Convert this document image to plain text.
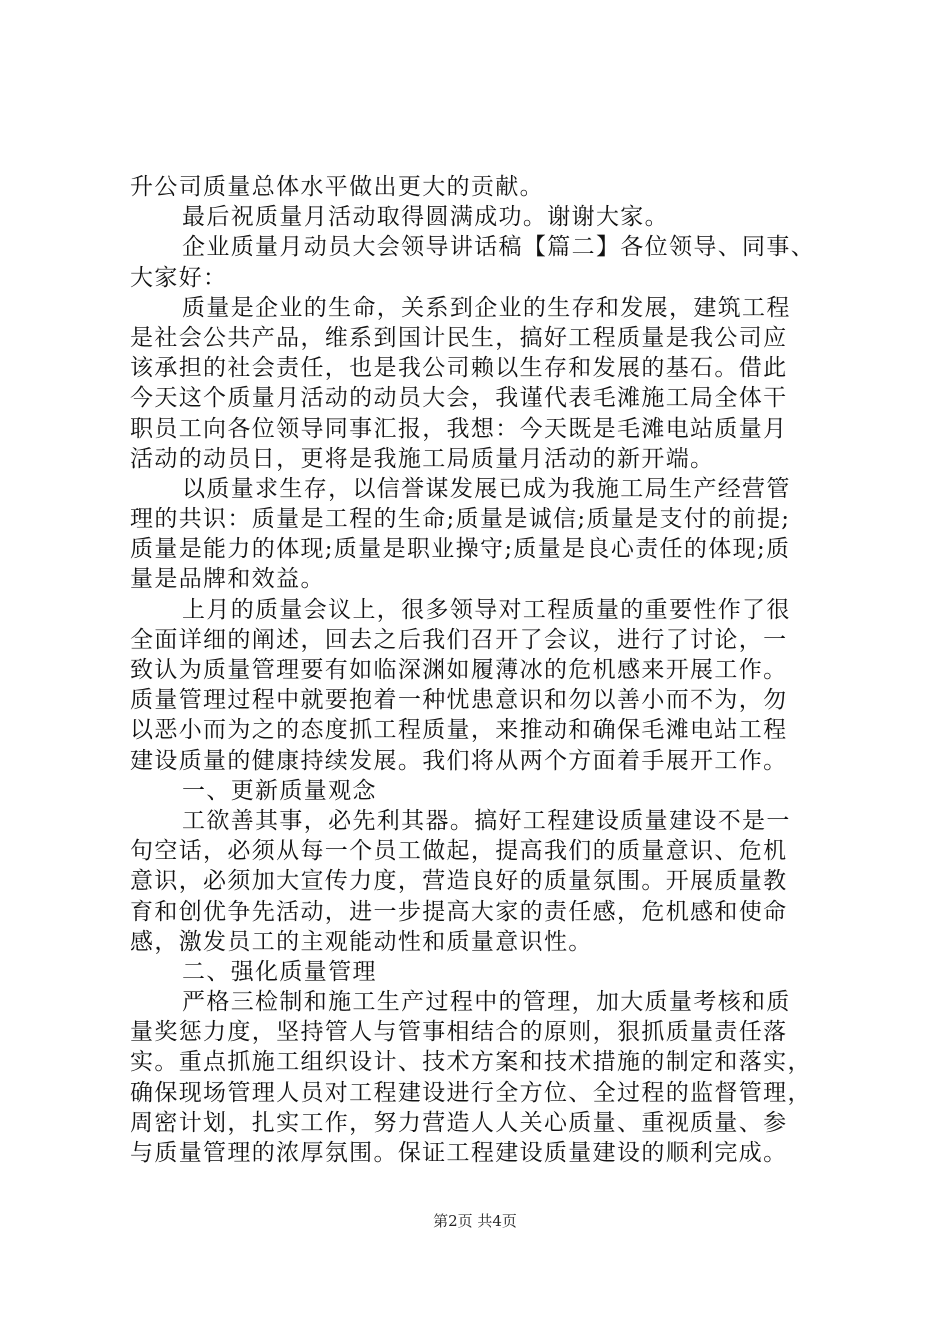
升公司质量总体水平做出更大的贡献。
最后祝质量月活动取得圆满成功。谢谢大家。
企业质量月动员大会领导讲话稿【篇二】各位领导、同事、
大家好：
质量是企业的生命，关系到企业的生存和发展，建筑工程
是社会公共产品，维系到国计民生，搞好工程质量是我公司应
该承担的社会责任，也是我公司赖以生存和发展的基石。借此
今天这个质量月活动的动员大会，我谨代表毛滩施工局全体干
职员工向各位领导同事汇报，我想：今天既是毛滩电站质量月
活动的动员日，更将是我施工局质量月活动的新开端。
以质量求生存，以信誉谋发展已成为我施工局生产经营管
理的共识：质量是工程的生命;质量是诚信;质量是支付的前提;
质量是能力的体现;质量是职业操守;质量是良心责任的体现;质
量是品牌和效益。
上月的质量会议上，很多领导对工程质量的重要性作了很
全面详细的阐述，回去之后我们召开了会议，进行了讨论，一
致认为质量管理要有如临深渊如履薄冰的危机感来开展工作。
质量管理过程中就要抱着一种忧患意识和勿以善小而不为，勿
以恶小而为之的态度抓工程质量，来推动和确保毛滩电站工程
建设质量的健康持续发展。我们将从两个方面着手展开工作。
一、更新质量观念
工欲善其事，必先利其器。搞好工程建设质量建设不是一
句空话，必须从每一个员工做起，提高我们的质量意识、危机
意识，必须加大宣传力度，营造良好的质量氛围。开展质量教
育和创优争先活动，进一步提高大家的责任感，危机感和使命
感，激发员工的主观能动性和质量意识性。
二、强化质量管理
严格三检制和施工生产过程中的管理，加大质量考核和质
量奖惩力度，坚持管人与管事相结合的原则，狠抓质量责任落
实。重点抓施工组织设计、技术方案和技术措施的制定和落实，
确保现场管理人员对工程建设进行全方位、全过程的监督管理，
周密计划，扎实工作，努力营造人人关心质量、重视质量、参
与质量管理的浓厚氛围。保证工程建设质量建设的顺利完成。
第2页 共4页
